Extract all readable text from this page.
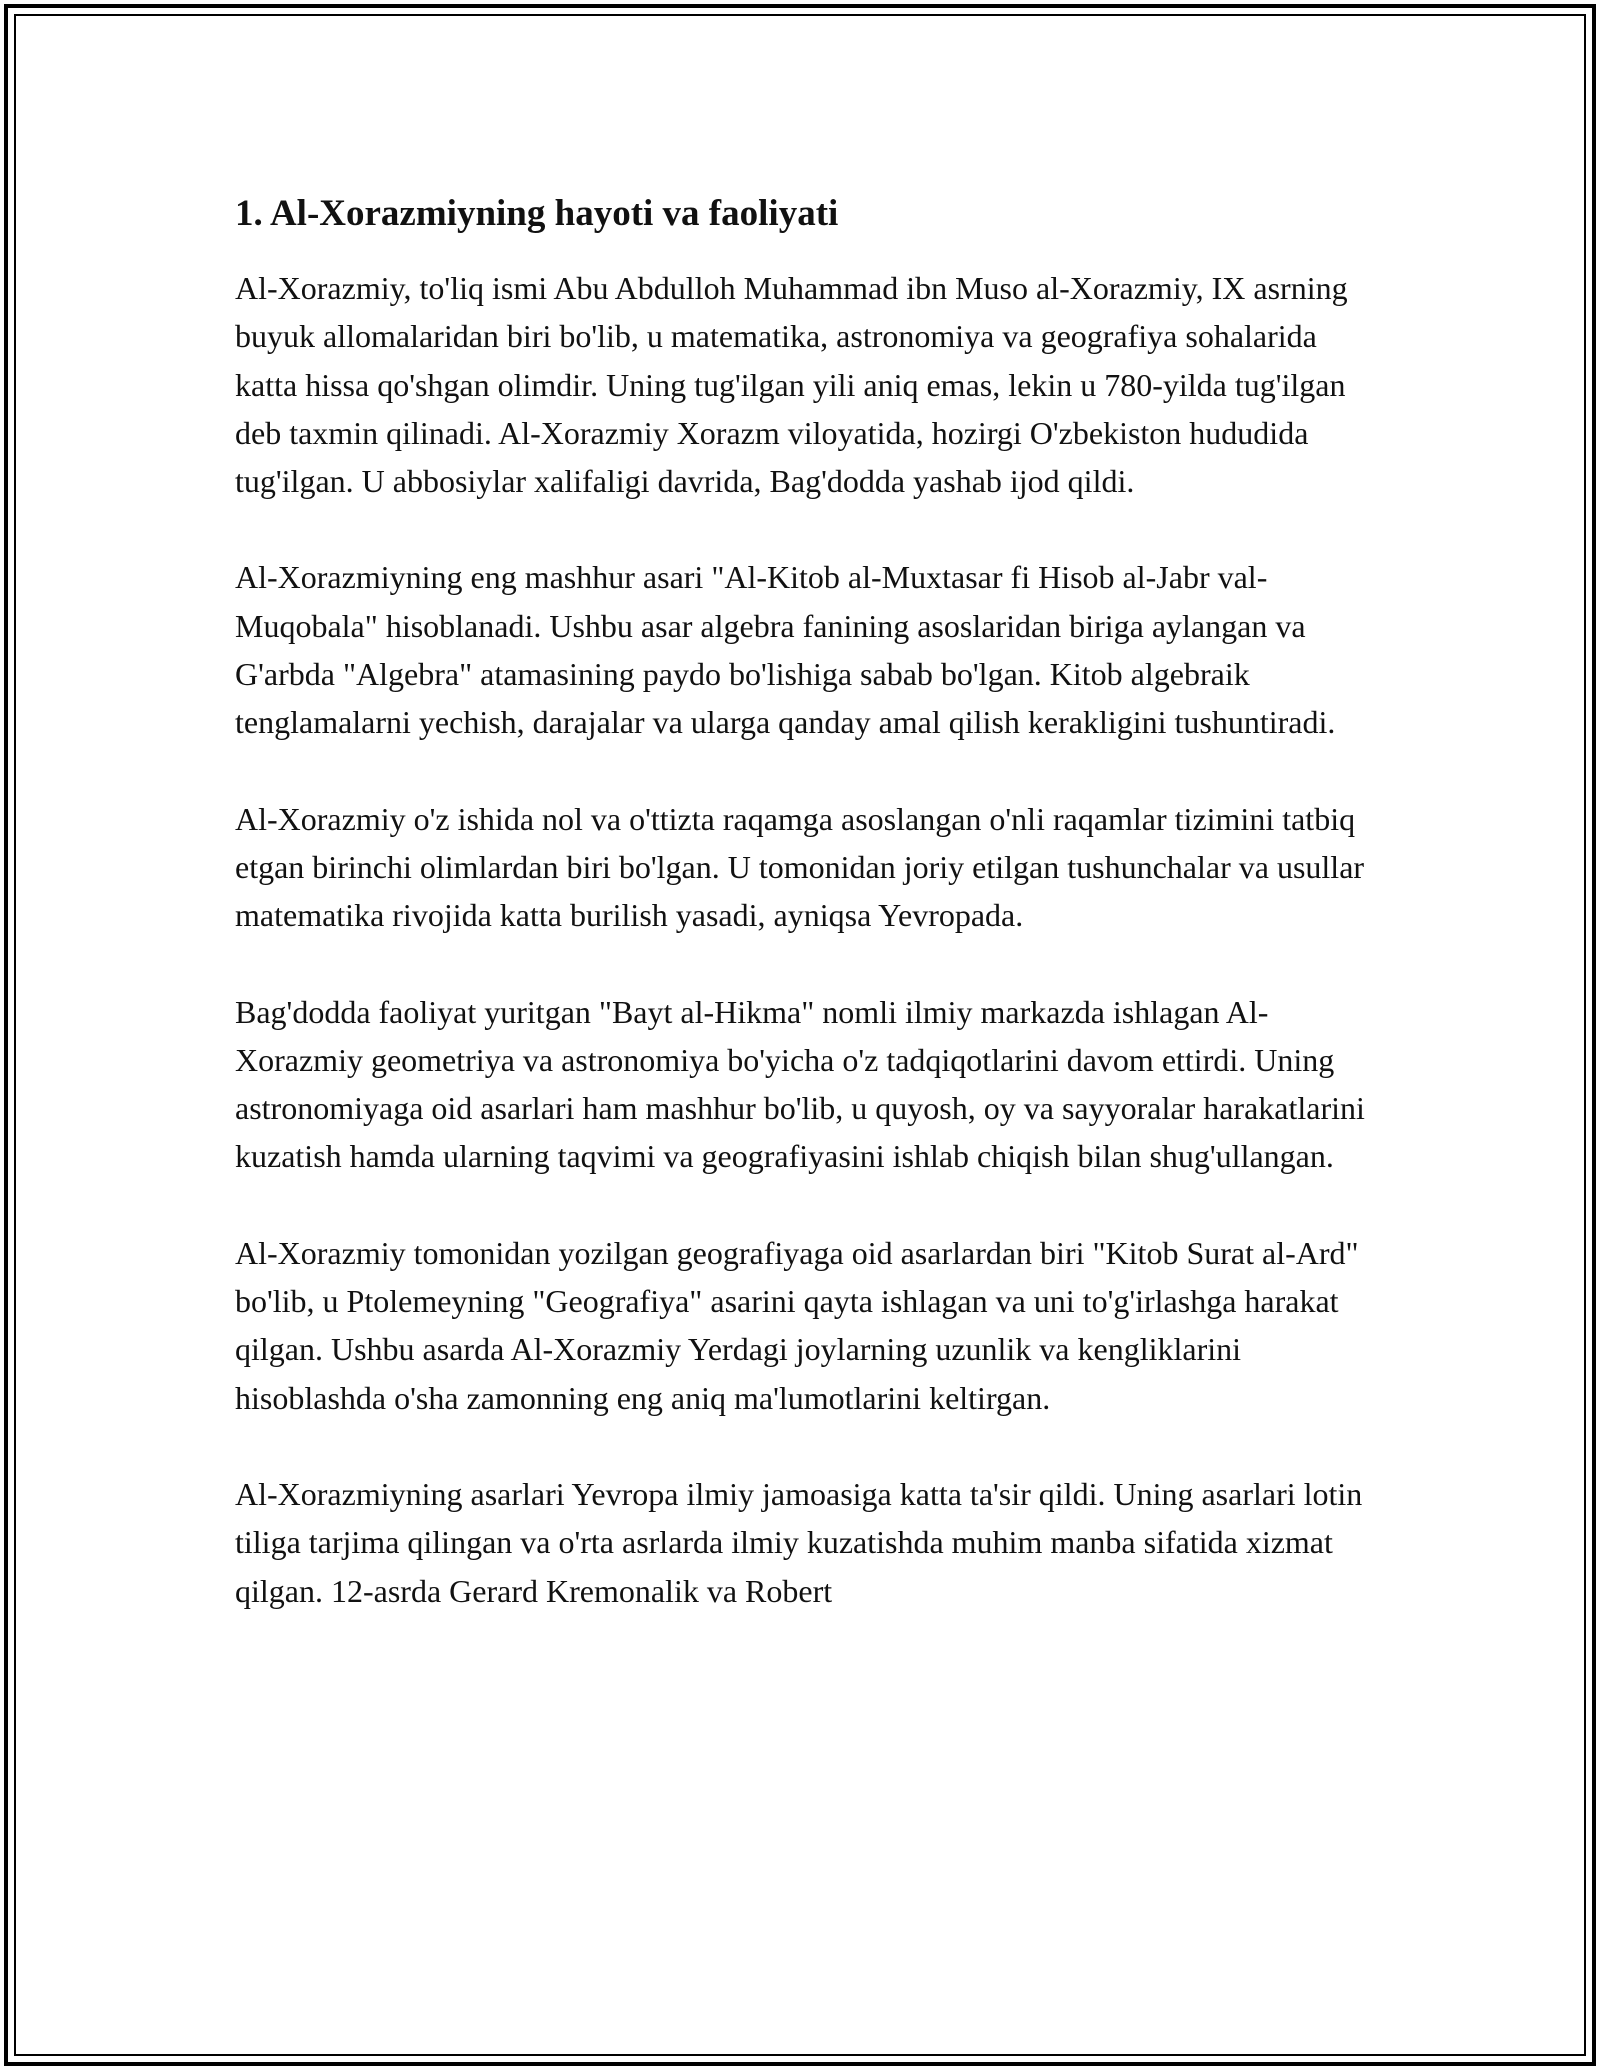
1. Al-Xorazmiyning hayoti va faoliyati

Al-Xorazmiy, to'liq ismi Abu Abdulloh Muhammad ibn Muso al-Xorazmiy, IX asrning buyuk allomalaridan biri bo'lib, u matematika, astronomiya va geografiya sohalarida katta hissa qo'shgan olimdir. Uning tug'ilgan yili aniq emas, lekin u 780-yilda tug'ilgan deb taxmin qilinadi. Al-Xorazmiy Xorazm viloyatida, hozirgi O'zbekiston hududida tug'ilgan. U abbosiylar xalifaligi davrida, Bag'dodda yashab ijod qildi.

Al-Xorazmiyning eng mashhur asari "Al-Kitob al-Muxtasar fi Hisob al-Jabr val-Muqobala" hisoblanadi. Ushbu asar algebra fanining asoslaridan biriga aylangan va G'arbda "Algebra" atamasining paydo bo'lishiga sabab bo'lgan. Kitob algebraik tenglamalarni yechish, darajalar va ularga qanday amal qilish kerakligini tushuntiradi.

Al-Xorazmiy o'z ishida nol va o'ttizta raqamga asoslangan o'nli raqamlar tizimini tatbiq etgan birinchi olimlardan biri bo'lgan. U tomonidan joriy etilgan tushunchalar va usullar matematika rivojida katta burilish yasadi, ayniqsa Yevropada.

Bag'dodda faoliyat yuritgan "Bayt al-Hikma" nomli ilmiy markazda ishlagan Al-Xorazmiy geometriya va astronomiya bo'yicha o'z tadqiqotlarini davom ettirdi. Uning astronomiyaga oid asarlari ham mashhur bo'lib, u quyosh, oy va sayyoralar harakatlarini kuzatish hamda ularning taqvimi va geografiyasini ishlab chiqish bilan shug'ullangan.

Al-Xorazmiy tomonidan yozilgan geografiyaga oid asarlardan biri "Kitob Surat al-Ard" bo'lib, u Ptolemeyning "Geografiya" asarini qayta ishlagan va uni to'g'irlashga harakat qilgan. Ushbu asarda Al-Xorazmiy Yerdagi joylarning uzunlik va kengliklarini hisoblashda o'sha zamonning eng aniq ma'lumotlarini keltirgan.

Al-Xorazmiyning asarlari Yevropa ilmiy jamoasiga katta ta'sir qildi. Uning asarlari lotin tiliga tarjima qilingan va o'rta asrlarda ilmiy kuzatishda muhim manba sifatida xizmat qilgan. 12-asrda Gerard Kremonalik va Robert
